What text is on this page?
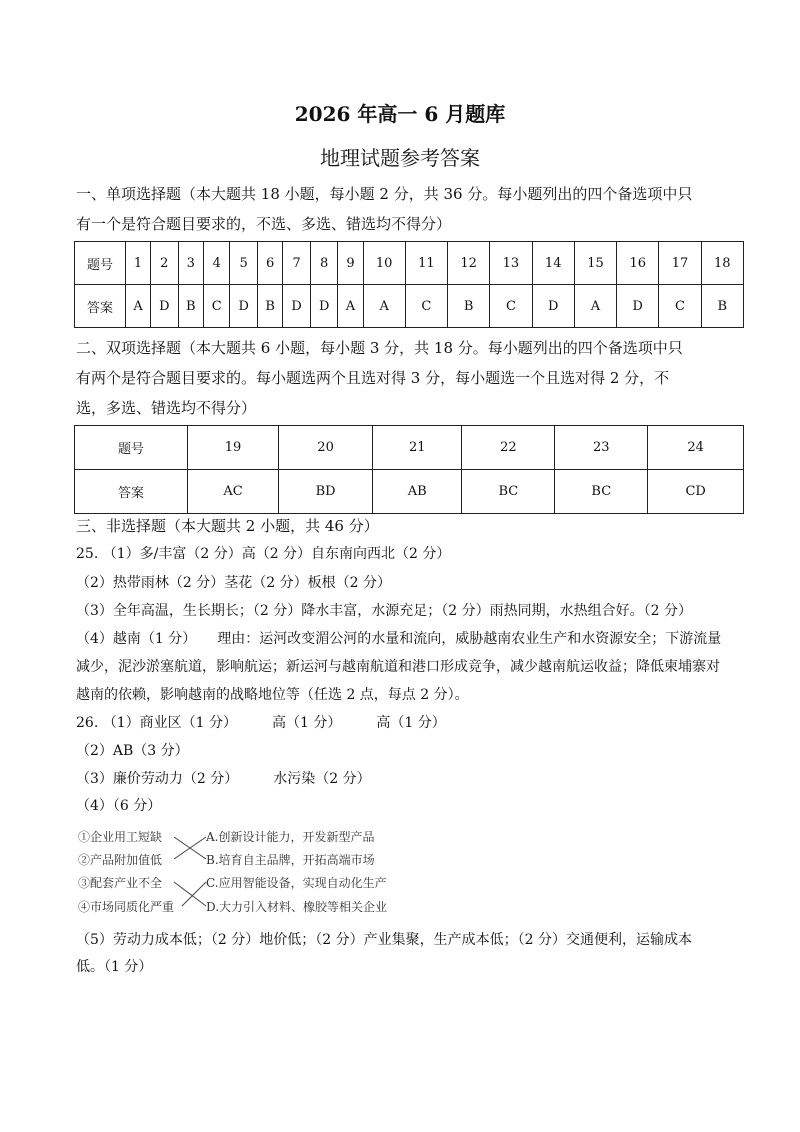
2026 年高一 6 月题库
地理试题参考答案
一、单项选择题（本大题共 18 小题，每小题 2 分，共 36 分。每小题列出的四个备选项中只
有一个是符合题目要求的，不选、多选、错选均不得分）
题号	1	2	3	4	5	6	7	8	9	10	11	12	13	14	15	16	17	18
答案	A	D	B	C	D	B	D	D	A	A	C	B	C	D	A	D	C	B
二、双项选择题（本大题共 6 小题，每小题 3 分，共 18 分。每小题列出的四个备选项中只
有两个是符合题目要求的。每小题选两个且选对得 3 分，每小题选一个且选对得 2 分，不
选，多选、错选均不得分）
题号	19	20	21	22	23	24
答案	AC	BD	AB	BC	BC	CD
三、非选择题（本大题共 2 小题，共 46 分）
25. （1）多/丰富（2 分）高（2 分）自东南向西北（2 分）
（2）热带雨林（2 分）茎花（2 分）板根（2 分）
（3）全年高温，生长期长；（2 分）降水丰富，水源充足；（2 分）雨热同期，水热组合好。（2 分）
（4）越南（1 分）　　理由：运河改变湄公河的水量和流向，威胁越南农业生产和水资源安全；下游流量
减少，泥沙淤塞航道，影响航运；新运河与越南航道和港口形成竞争，减少越南航运收益；降低柬埔寨对
越南的依赖，影响越南的战略地位等（任选 2 点，每点 2 分）。
26. （1）商业区（1 分）　　　高（1 分）　　　高（1 分）
（2）AB（3 分）
（3）廉价劳动力（2 分）　　　水污染（2 分）
（4）（6 分）
①企业用工短缺
②产品附加值低
③配套产业不全
④市场同质化严重
A.创新设计能力，开发新型产品
B.培育自主品牌，开拓高端市场
C.应用智能设备，实现自动化生产
D.大力引入材料、橡胶等相关企业
（5）劳动力成本低；（2 分）地价低；（2 分）产业集聚，生产成本低；（2 分）交通便利，运输成本
低。（1 分）
